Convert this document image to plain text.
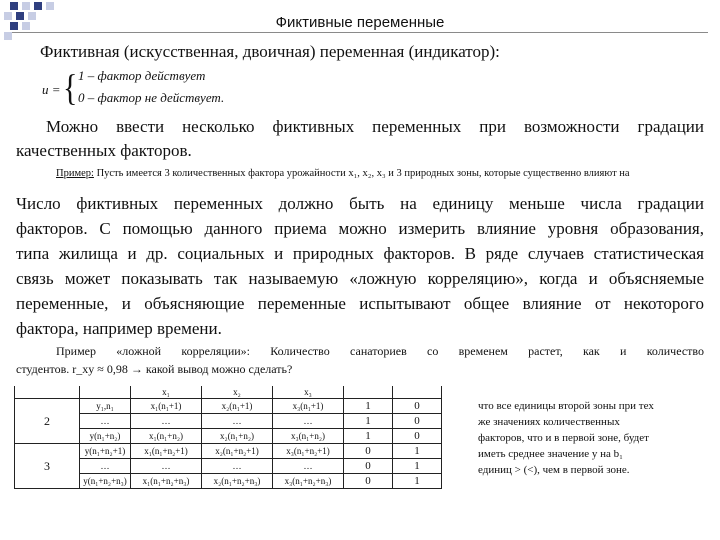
Фиктивные переменные
Фиктивная (искусственная, двоичная) переменная (индикатор):
u = { 1 – фактор действует
0 – фактор не действует.
Можно ввести несколько фиктивных переменных при возможности градации
качественных факторов.
Пример: Пусть имеется 3 количественных фактора урожайности x₁, x₂, x₃ и 3 природных зоны, которые существенно влияют на
Число фиктивных переменных должно быть на единицу меньше числа градации
факторов. С помощью данного приема можно измерить влияние уровня образования,
типа жилища и др. социальных и природных факторов. В ряде случаев статистическая
связь может показывать так называемую «ложную корреляцию», когда и объясняемые
переменные, и объясняющие переменные испытывают общее влияние от некоторого
фактора, например времени.
Пример «ложной корреляции»: Количество санаториев со временем растет, как и количество
студентов. r_xy ≈ 0,98 → какой вывод можно сделать?
		x₁	x₂	x₃		
2	y₁,n₁	x₁(n₁+1)	x₂(n₁+1)	x₃(n₁+1)	1	0
	…	…	…	…	1	0
	y(n₁+n₂)	x₁(n₁+n₂)	x₂(n₁+n₂)	x₃(n₁+n₂)	1	0
3	y(n₁+n₂+1)	x₁(n₁+n₂+1)	x₂(n₁+n₂+1)	x₃(n₁+n₂+1)	0	1
	…	…	…	…	0	1
	y(n₁+n₂+n₃)	x₁(n₁+n₂+n₃)	x₂(n₁+n₂+n₃)	x₃(n₁+n₂+n₃)	0	1
что все единицы второй зоны при тех
же значениях количественных
факторов, что и в первой зоне, будет
иметь среднее значение y на b₁
единиц > (<), чем в первой зоне.
